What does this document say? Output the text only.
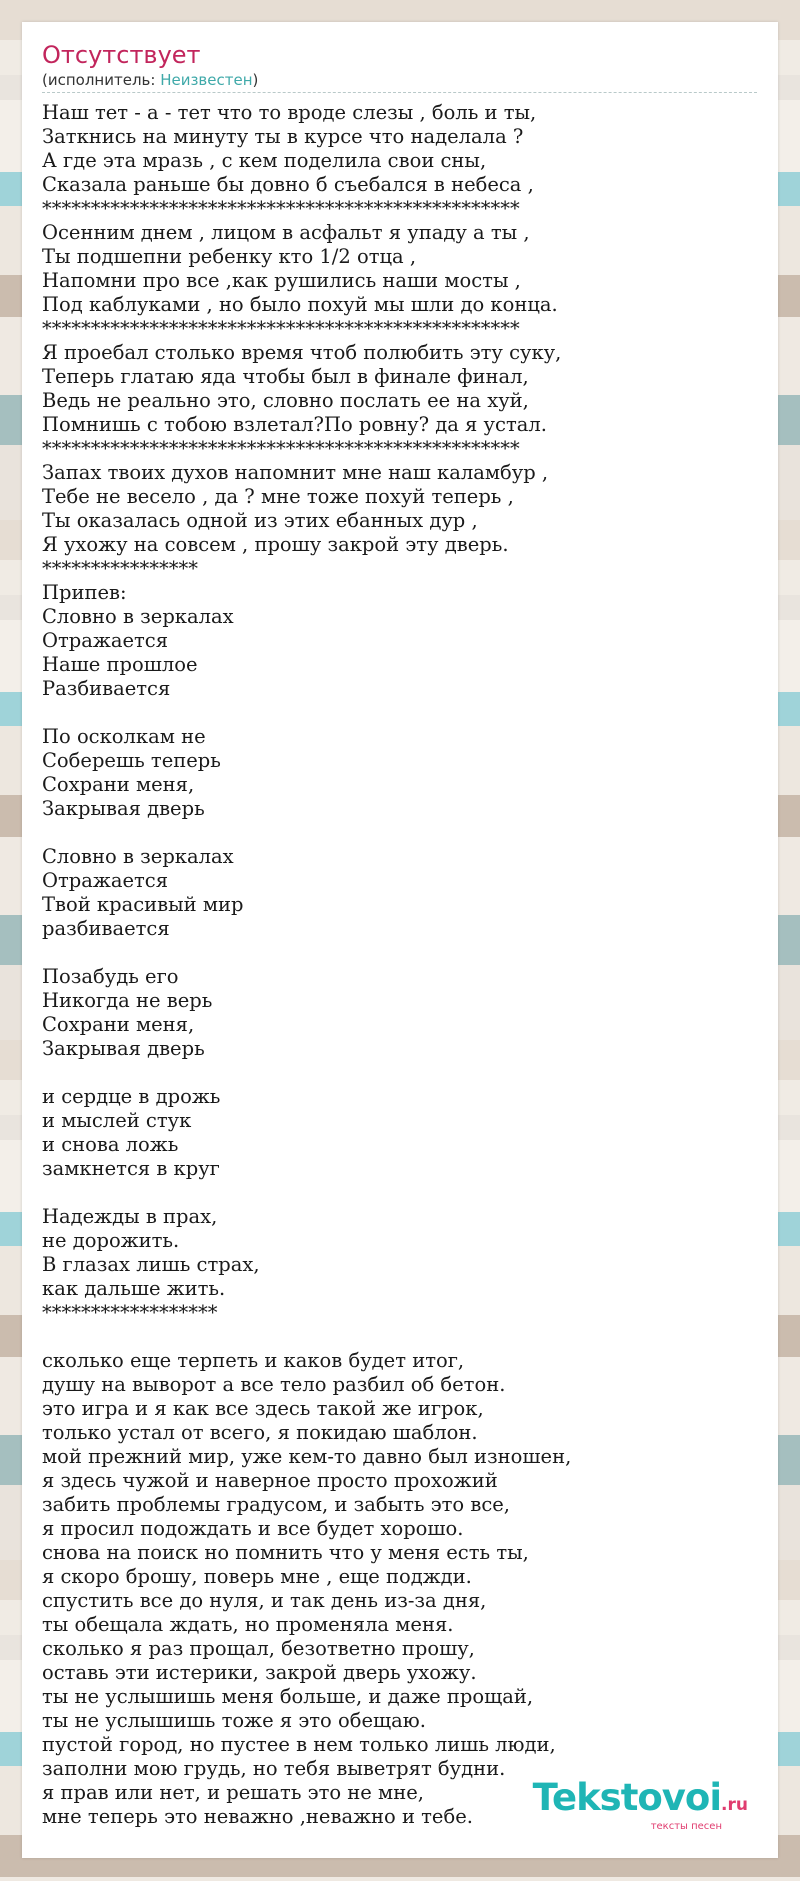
Отсутствует
(исполнитель: Неизвестен)
Наш тет - а - тет что то вроде слезы , боль и ты,
Заткнись на минуту ты в курсе что наделала ?
А где эта мразь , с кем поделила свои сны,
Сказала раньше бы довно б съебался в небеса ,
*************************************************
Осенним днем , лицом в асфальт я упаду а ты ,
Ты подшепни ребенку кто 1/2 отца ,
Напомни про все ,как рушились наши мосты ,
Под каблуками , но было похуй мы шли до конца.
*************************************************
Я проебал столько время чтоб полюбить эту суку,
Теперь глатаю яда чтобы был в финале финал,
Ведь не реально это, словно послать ее на хуй,
Помнишь с тобою взлетал?По ровну? да я устал.
*************************************************
Запах твоих духов напомнит мне наш каламбур ,
Тебе не весело , да ? мне тоже похуй теперь ,
Ты оказалась одной из этих ебанных дур ,
Я ухожу на совсем , прошу закрой эту дверь.
****************
Припев:
Словно в зеркалах
Отражается
Наше прошлое
Разбивается

По осколкам не
Соберешь теперь
Сохрани меня,
Закрывая дверь

Словно в зеркалах
Отражается
Твой красивый мир
разбивается

Позабудь его
Никогда не верь
Сохрани меня,
Закрывая дверь

и сердце в дрожь
и мыслей стук
и снова ложь
замкнется в круг

Надежды в прах,
не дорожить.
В глазах лишь страх,
как дальше жить.
******************

сколько еще терпеть и каков будет итог,
душу на выворот а все тело разбил об бетон.
это игра и я как все здесь такой же игрок,
только устал от всего, я покидаю шаблон.
мой прежний мир, уже кем-то давно был изношен,
я здесь чужой и наверное просто прохожий
забить проблемы градусом, и забыть это все,
я просил подождать и все будет хорошо.
снова на поиск но помнить что у меня есть ты,
я скоро брошу, поверь мне , еще поджди.
спустить все до нуля, и так день из-за дня,
ты обещала ждать, но променяла меня.
сколько я раз прощал, безответно прошу,
оставь эти истерики, закрой дверь ухожу.
ты не услышишь меня больше, и даже прощай,
ты не услышишь тоже я это обещаю.
пустой город, но пустее в нем только лишь люди,
заполни мою грудь, но тебя выветрят будни.
я прав или нет, и решать это не мне,
мне теперь это неважно ,неважно и тебе.	Tekstovoi.ru
тексты песен
